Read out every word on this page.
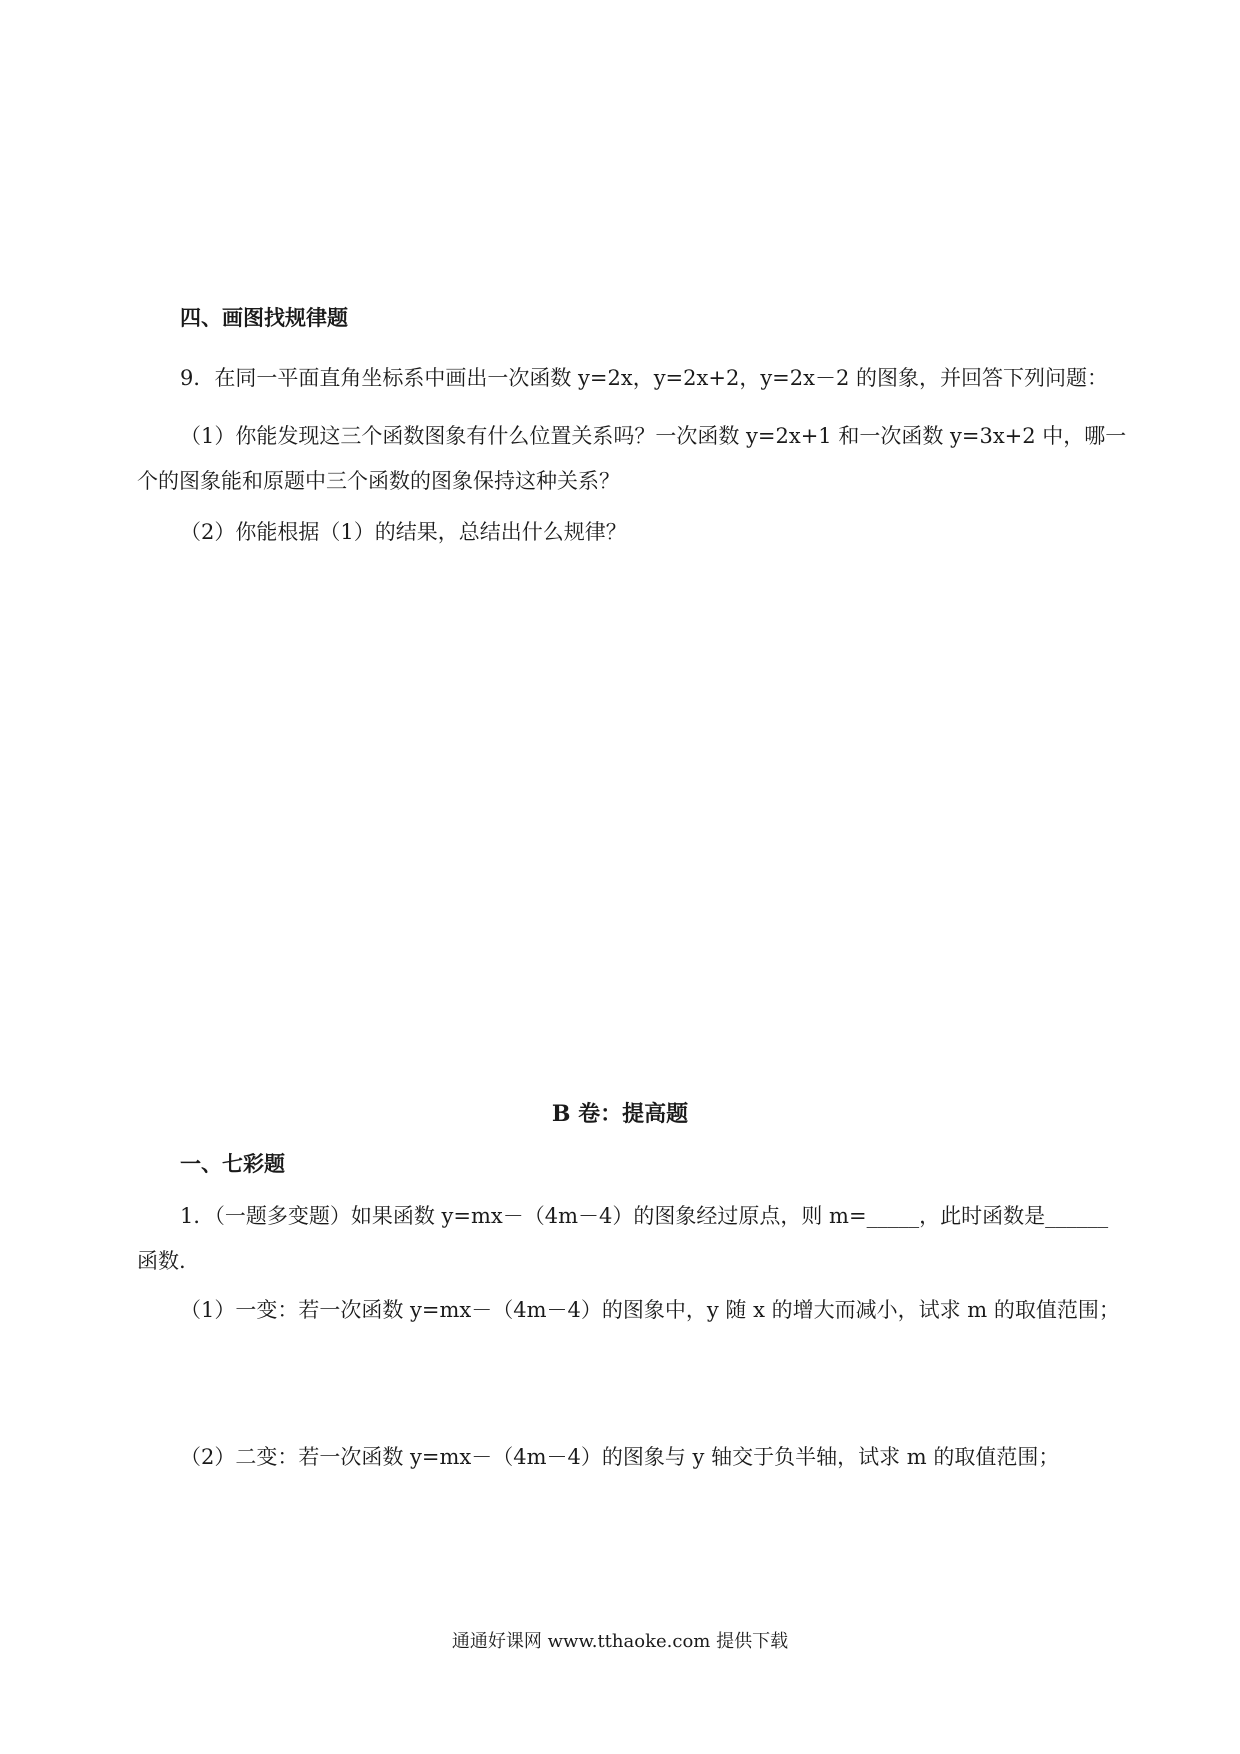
四、画图找规律题
9．在同一平面直角坐标系中画出一次函数 y=2x，y=2x+2，y=2x－2 的图象，并回答下列问题：
（1）你能发现这三个函数图象有什么位置关系吗？一次函数 y=2x+1 和一次函数 y=3x+2 中，哪一
个的图象能和原题中三个函数的图象保持这种关系？
（2）你能根据（1）的结果，总结出什么规律？
B 卷：提高题
一、七彩题
1．（一题多变题）如果函数 y=mx－（4m－4）的图象经过原点，则 m=_____，此时函数是______
函数.
（1）一变：若一次函数 y=mx－（4m－4）的图象中，y 随 x 的增大而减小，试求 m 的取值范围；
（2）二变：若一次函数 y=mx－（4m－4）的图象与 y 轴交于负半轴，试求 m 的取值范围；
通通好课网 www.tthaoke.com 提供下载
